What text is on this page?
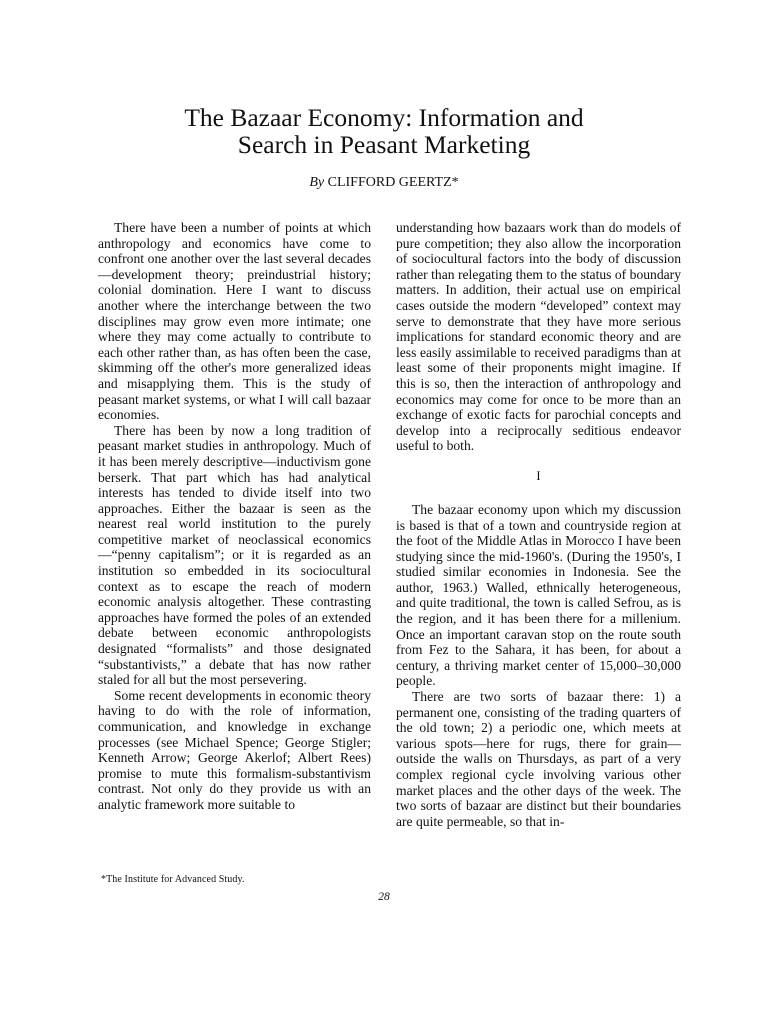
The Bazaar Economy: Information and
Search in Peasant Marketing
By CLIFFORD GEERTZ*

There have been a number of points at which anthropology and economics have come to confront one another over the last several decades—development theory; preindustrial history; colonial domination. Here I want to discuss another where the interchange between the two disciplines may grow even more intimate; one where they may come actually to contribute to each other rather than, as has often been the case, skimming off the other's more generalized ideas and misapplying them. This is the study of peasant market systems, or what I will call bazaar economies.

There has been by now a long tradition of peasant market studies in anthropology. Much of it has been merely descriptive—inductivism gone berserk. That part which has had analytical interests has tended to divide itself into two approaches. Either the bazaar is seen as the nearest real world institution to the purely competitive market of neoclassical economics—“penny capitalism”; or it is regarded as an institution so embedded in its sociocultural context as to escape the reach of modern economic analysis altogether. These contrasting approaches have formed the poles of an extended debate between economic anthropologists designated “formalists” and those designated “substantivists,” a debate that has now rather staled for all but the most persevering.

Some recent developments in economic theory having to do with the role of information, communication, and knowledge in exchange processes (see Michael Spence; George Stigler; Kenneth Arrow; George Akerlof; Albert Rees) promise to mute this formalism-substantivism contrast. Not only do they provide us with an analytic framework more suitable to

understanding how bazaars work than do models of pure competition; they also allow the incorporation of sociocultural factors into the body of discussion rather than relegating them to the status of boundary matters. In addition, their actual use on empirical cases outside the modern “developed” context may serve to demonstrate that they have more serious implications for standard economic theory and are less easily assimilable to received paradigms than at least some of their proponents might imagine. If this is so, then the interaction of anthropology and economics may come for once to be more than an exchange of exotic facts for parochial concepts and develop into a reciprocally seditious endeavor useful to both.

I

The bazaar economy upon which my discussion is based is that of a town and countryside region at the foot of the Middle Atlas in Morocco I have been studying since the mid-1960's. (During the 1950's, I studied similar economies in Indonesia. See the author, 1963.) Walled, ethnically heterogeneous, and quite traditional, the town is called Sefrou, as is the region, and it has been there for a millenium. Once an important caravan stop on the route south from Fez to the Sahara, it has been, for about a century, a thriving market center of 15,000–30,000 people.

There are two sorts of bazaar there: 1) a permanent one, consisting of the trading quarters of the old town; 2) a periodic one, which meets at various spots—here for rugs, there for grain—outside the walls on Thursdays, as part of a very complex regional cycle involving various other market places and the other days of the week. The two sorts of bazaar are distinct but their boundaries are quite permeable, so that in-

*The Institute for Advanced Study.
28
